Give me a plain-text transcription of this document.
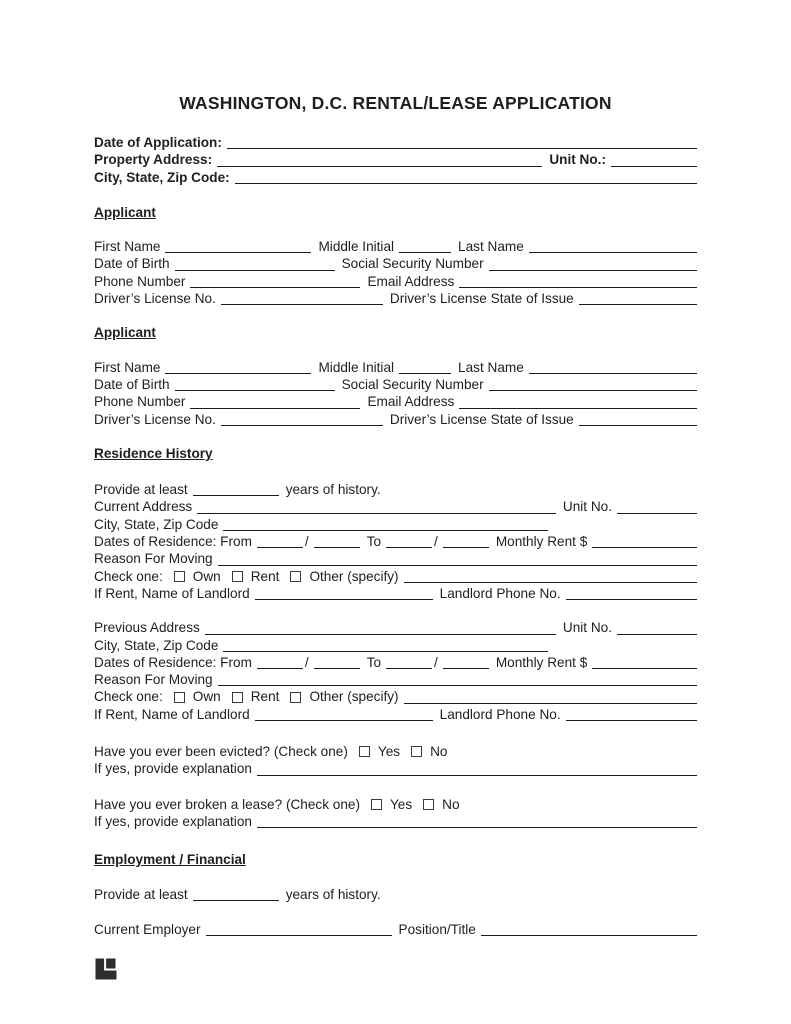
WASHINGTON, D.C. RENTAL/LEASE APPLICATION
Date of Application:
Property Address:	Unit No.:
City, State, Zip Code:
Applicant
First Name	Middle Initial	Last Name
Date of Birth	Social Security Number
Phone Number	Email Address
Driver’s License No.	Driver’s License State of Issue
Applicant
First Name	Middle Initial	Last Name
Date of Birth	Social Security Number
Phone Number	Email Address
Driver’s License No.	Driver’s License State of Issue
Residence History
Provide at least	years of history.
Current Address	Unit No.
City, State, Zip Code
Dates of Residence: From	/	To	/	Monthly Rent $
Reason For Moving
Check one: Own Rent Other (specify)
If Rent, Name of Landlord	Landlord Phone No.
Previous Address	Unit No.
City, State, Zip Code
Dates of Residence: From	/	To	/	Monthly Rent $
Reason For Moving
Check one: Own Rent Other (specify)
If Rent, Name of Landlord	Landlord Phone No.
Have you ever been evicted? (Check one) Yes No
If yes, provide explanation
Have you ever broken a lease? (Check one) Yes No
If yes, provide explanation
Employment / Financial
Provide at least	years of history.
Current Employer	Position/Title
